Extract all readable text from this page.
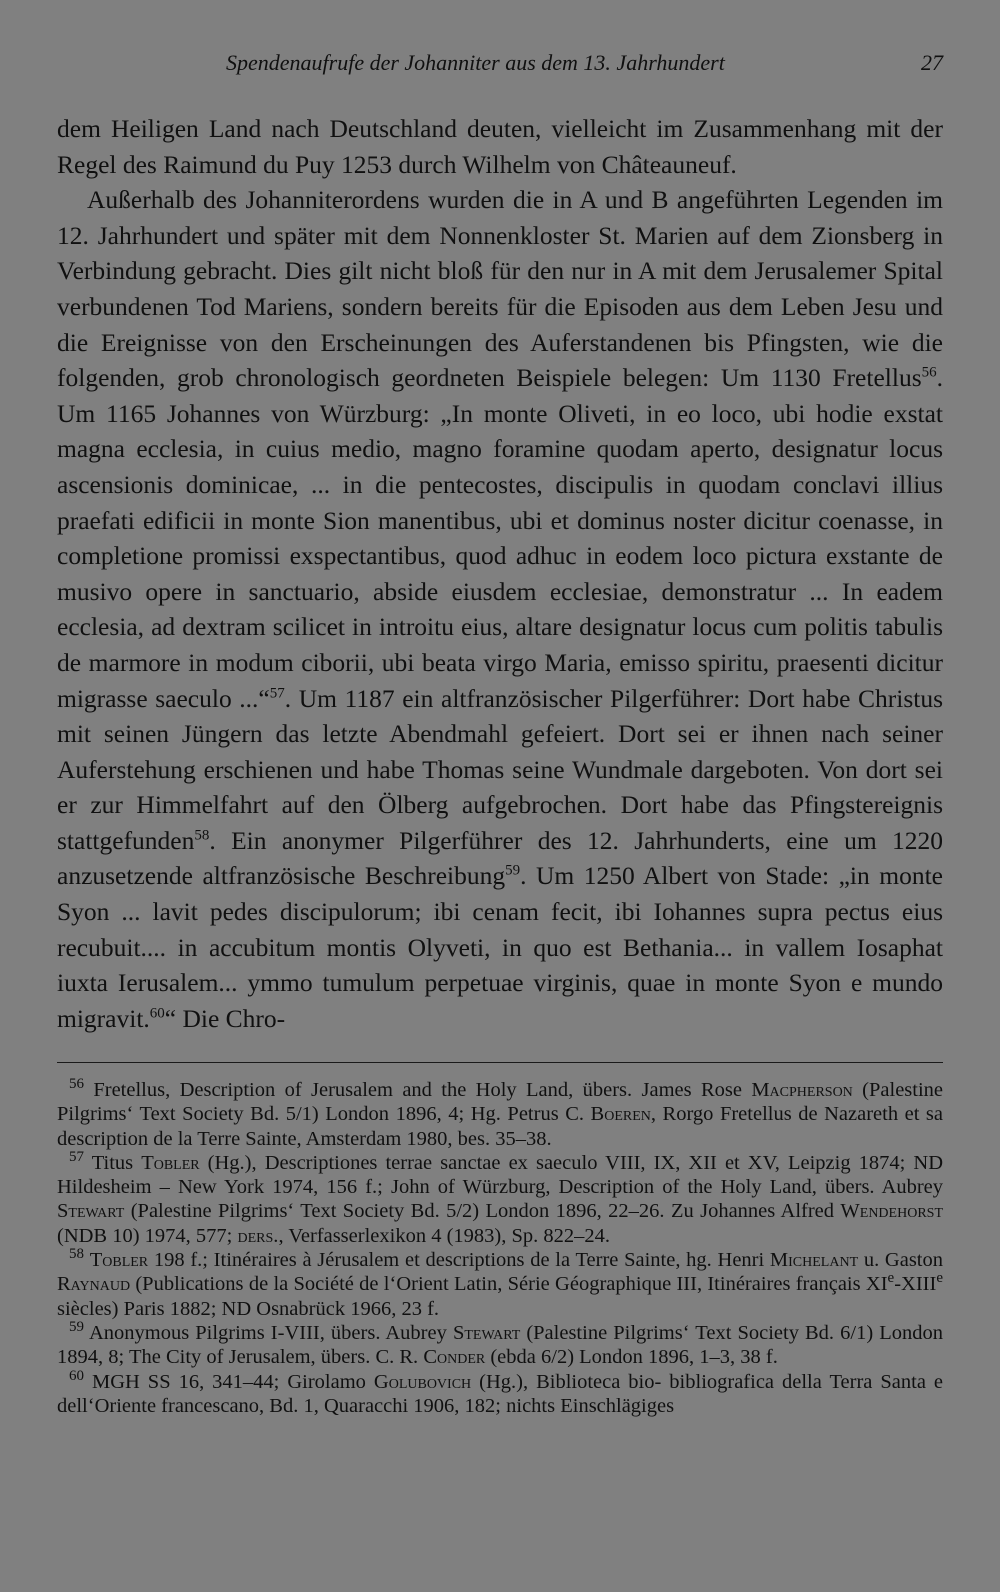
Spendenaufrufe der Johanniter aus dem 13. Jahrhundert	27

dem Heiligen Land nach Deutschland deuten, vielleicht im Zusammenhang mit der Regel des Raimund du Puy 1253 durch Wilhelm von Châteauneuf.

Außerhalb des Johanniterordens wurden die in A und B angeführten Legenden im 12. Jahrhundert und später mit dem Nonnenkloster St. Marien auf dem Zionsberg in Verbindung gebracht. Dies gilt nicht bloß für den nur in A mit dem Jerusalemer Spital verbundenen Tod Mariens, sondern bereits für die Episoden aus dem Leben Jesu und die Ereignisse von den Erscheinungen des Auferstandenen bis Pfingsten, wie die folgenden, grob chronologisch geordneten Beispiele belegen: Um 1130 Fretellus$^{56}$. Um 1165 Johannes von Würzburg: „In monte Oliveti, in eo loco, ubi hodie exstat magna ecclesia, in cuius medio, magno foramine quodam aperto, designatur locus ascensionis dominicae, ... in die pentecostes, discipulis in quodam conclavi illius praefati edificii in monte Sion manentibus, ubi et dominus noster dicitur coenasse, in completione promissi exspectantibus, quod adhuc in eodem loco pictura exstante de musivo opere in sanctuario, abside eiusdem ecclesiae, demonstratur ... In eadem ecclesia, ad dextram scilicet in introitu eius, altare designatur locus cum politis tabulis de marmore in modum ciborii, ubi beata virgo Maria, emisso spiritu, praesenti dicitur migrasse saeculo ...“$^{57}$. Um 1187 ein altfranzösischer Pilgerführer: Dort habe Christus mit seinen Jüngern das letzte Abendmahl gefeiert. Dort sei er ihnen nach seiner Auferstehung erschienen und habe Thomas seine Wundmale dargeboten. Von dort sei er zur Himmelfahrt auf den Ölberg aufgebrochen. Dort habe das Pfingstereignis stattgefunden$^{58}$. Ein anonymer Pilgerführer des 12. Jahrhunderts, eine um 1220 anzusetzende altfranzösische Beschreibung$^{59}$. Um 1250 Albert von Stade: „in monte Syon ... lavit pedes discipulorum; ibi cenam fecit, ibi Iohannes supra pectus eius recubuit.... in accubitum montis Olyveti, in quo est Bethania... in vallem Iosaphat iuxta Ierusalem... ymmo tumulum perpetuae virginis, quae in monte Syon e mundo migravit.$^{60}$“ Die Chro-

$^{56}$ Fretellus, Description of Jerusalem and the Holy Land, übers. James Rose Macpherson (Palestine Pilgrims‘ Text Society Bd. 5/1) London 1896, 4; Hg. Petrus C. Boeren, Rorgo Fretellus de Nazareth et sa description de la Terre Sainte, Amsterdam 1980, bes. 35–38.

$^{57}$ Titus Tobler (Hg.), Descriptiones terrae sanctae ex saeculo VIII, IX, XII et XV, Leipzig 1874; ND Hildesheim – New York 1974, 156 f.; John of Würzburg, Description of the Holy Land, übers. Aubrey Stewart (Palestine Pilgrims‘ Text Society Bd. 5/2) London 1896, 22–26. Zu Johannes Alfred Wendehorst (NDB 10) 1974, 577; ders., Verfasserlexikon 4 (1983), Sp. 822–24.

$^{58}$ Tobler 198 f.; Itinéraires à Jérusalem et descriptions de la Terre Sainte, hg. Henri Michelant u. Gaston Raynaud (Publications de la Société de l‘Orient Latin, Série Géographique III, Itinéraires français XIe-XIIIe siècles) Paris 1882; ND Osnabrück 1966, 23 f.

$^{59}$ Anonymous Pilgrims I-VIII, übers. Aubrey Stewart (Palestine Pilgrims‘ Text Society Bd. 6/1) London 1894, 8; The City of Jerusalem, übers. C. R. Conder (ebda 6/2) London 1896, 1–3, 38 f.

$^{60}$ MGH SS 16, 341–44; Girolamo Golubovich (Hg.), Biblioteca bio- bibliografica della Terra Santa e dell‘Oriente francescano, Bd. 1, Quaracchi 1906, 182; nichts Einschlägiges
